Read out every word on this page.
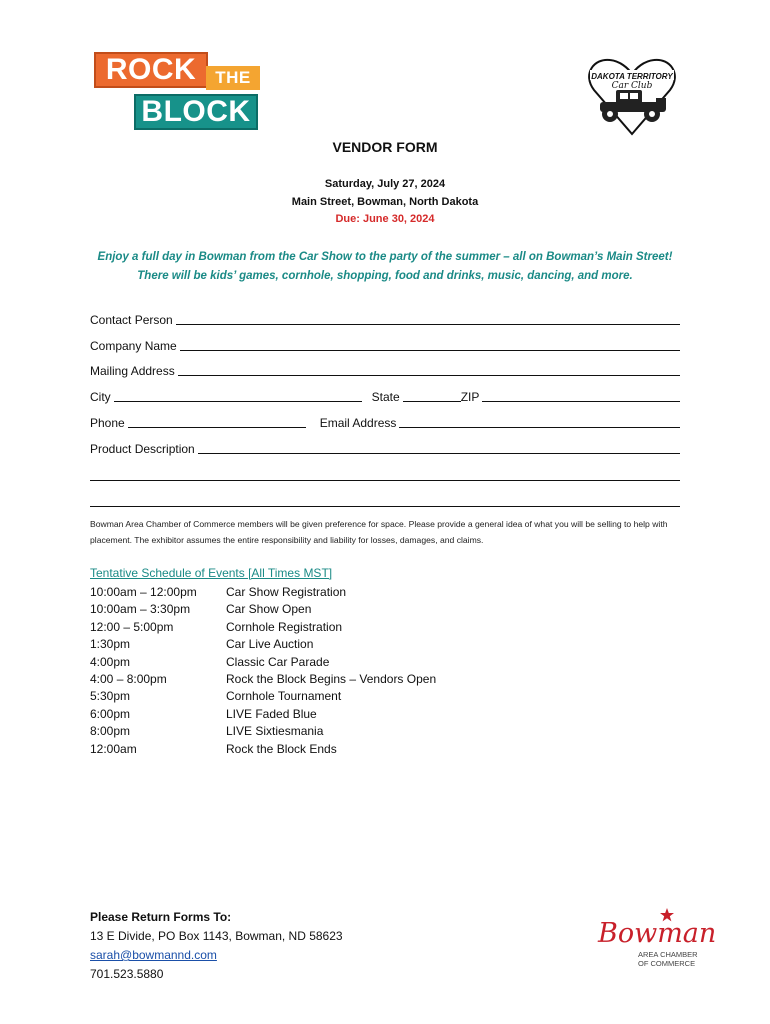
ROCK	THE
BLOCK
DAKOTA TERRITORY
Car Club
VENDOR FORM
Saturday, July 27, 2024
Main Street, Bowman, North Dakota
Due: June 30, 2024
Enjoy a full day in Bowman from the Car Show to the party of the summer – all on Bowman’s Main Street! There will be kids’ games, cornhole, shopping, food and drinks, music, dancing, and more.
Contact Person
Company Name
Mailing Address
City	State	ZIP
Phone	Email Address
Product Description
Bowman Area Chamber of Commerce members will be given preference for space. Please provide a general idea of what you will be selling to help with placement. The exhibitor assumes the entire responsibility and liability for losses, damages, and claims.
Tentative Schedule of Events [All Times MST]
10:00am – 12:00pm	Car Show Registration
10:00am – 3:30pm	Car Show Open
12:00 – 5:00pm	Cornhole Registration
1:30pm	Car Live Auction
4:00pm	Classic Car Parade
4:00 – 8:00pm	Rock the Block Begins – Vendors Open
5:30pm	Cornhole Tournament
6:00pm	LIVE Faded Blue
8:00pm	LIVE Sixtiesmania
12:00am	Rock the Block Ends
Please Return Forms To:
13 E Divide, PO Box 1143, Bowman, ND 58623
sarah@bowmannd.com
701.523.5880
Bowman
AREA CHAMBER
OF COMMERCE
